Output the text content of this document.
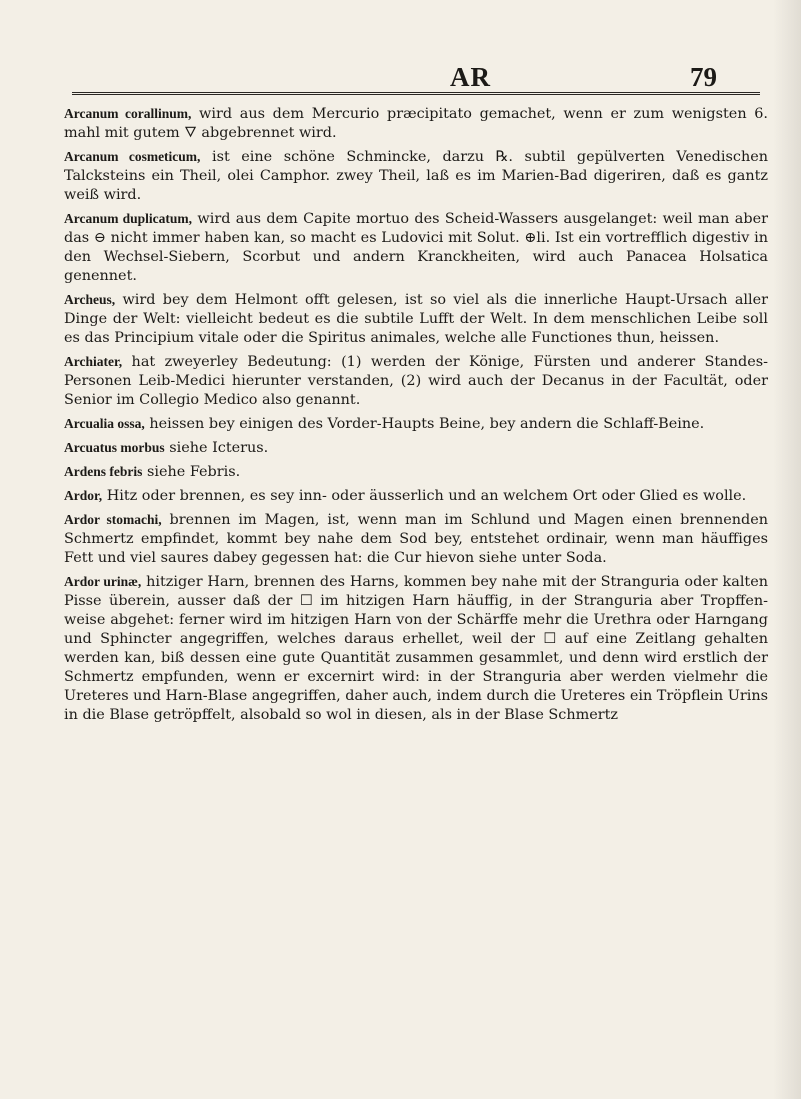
AR	79

Arcanum corallinum, wird aus dem Mercurio præcipitato gemachet, wenn er zum wenigsten 6. mahl mit gutem 🜄 abgebrennet wird.

Arcanum cosmeticum, ist eine schöne Schmincke, darzu ℞. subtil gepülverten Venedischen Talcksteins ein Theil, olei Camphor. zwey Theil, laß es im Marien-Bad digeriren, daß es gantz weiß wird.

Arcanum duplicatum, wird aus dem Capite mortuo des Scheid-Wassers ausgelanget: weil man aber das ⊖ nicht immer haben kan, so macht es Ludovici mit Solut. ⊕li. Ist ein vortrefflich digestiv in den Wechsel-Siebern, Scorbut und andern Kranckheiten, wird auch Panacea Holsatica genennet.

Archeus, wird bey dem Helmont offt gelesen, ist so viel als die innerliche Haupt-Ursach aller Dinge der Welt: vielleicht bedeut es die subtile Lufft der Welt. In dem menschlichen Leibe soll es das Principium vitale oder die Spiritus animales, welche alle Functiones thun, heissen.

Archiater, hat zweyerley Bedeutung: (1) werden der Könige, Fürsten und anderer Standes-Personen Leib-Medici hierunter verstanden, (2) wird auch der Decanus in der Facultät, oder Senior im Collegio Medico also genannt.

Arcualia ossa, heissen bey einigen des Vorder-Haupts Beine, bey andern die Schlaff-Beine.

Arcuatus morbus siehe Icterus.

Ardens febris siehe Febris.

Ardor, Hitz oder brennen, es sey inn- oder äusserlich und an welchem Ort oder Glied es wolle.

Ardor stomachi, brennen im Magen, ist, wenn man im Schlund und Magen einen brennenden Schmertz empfindet, kommt bey nahe dem Sod bey, entstehet ordinair, wenn man häuffiges Fett und viel saures dabey gegessen hat: die Cur hievon siehe unter Soda.

Ardor urinæ, hitziger Harn, brennen des Harns, kommen bey nahe mit der Stranguria oder kalten Pisse überein, ausser daß der ☐ im hitzigen Harn häuffig, in der Stranguria aber Tropffen-weise abgehet: ferner wird im hitzigen Harn von der Schärffe mehr die Urethra oder Harngang und Sphincter angegriffen, welches daraus erhellet, weil der ☐ auf eine Zeitlang gehalten werden kan, biß dessen eine gute Quantität zusammen gesammlet, und denn wird erstlich der Schmertz empfunden, wenn er excernirt wird: in der Stranguria aber werden vielmehr die Ureteres und Harn-Blase angegriffen, daher auch, indem durch die Ureteres ein Tröpflein Urins in die Blase getröpffelt, alsobald so wol in diesen, als in der Blase Schmertz
